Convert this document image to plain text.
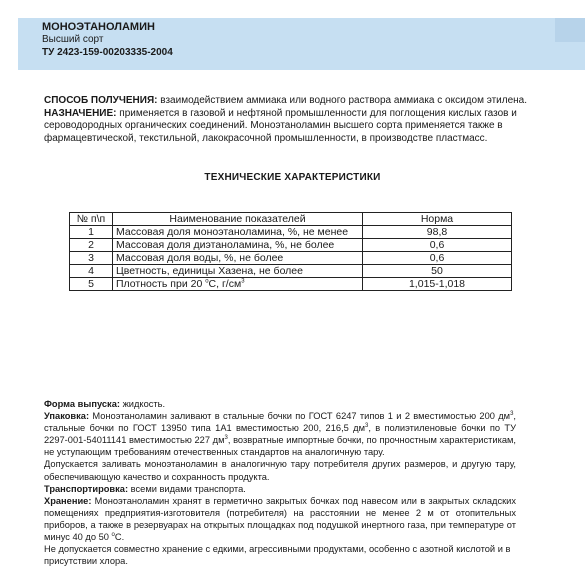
МОНОЭТАНОЛАМИН
Высший сорт
ТУ 2423-159-00203335-2004
СПОСОБ ПОЛУЧЕНИЯ: взаимодействием аммиака или водного раствора аммиака с оксидом этилена.
НАЗНАЧЕНИЕ: применяется в газовой и нефтяной промышленности для поглощения кислых газов и сероводородных органических соединений. Моноэтаноламин высшего сорта применяется также в фармацевтической, текстильной, лакокрасочной промышленности, в производстве пластмасс.
ТЕХНИЧЕСКИЕ ХАРАКТЕРИСТИКИ
№ п\п	Наименование показателей	Норма
1	Массовая доля моноэтаноламина, %, не менее	98,8
2	Массовая доля диэтаноламина, %, не более	0,6
3	Массовая доля воды, %, не более	0,6
4	Цветность, единицы Хазена, не более	50
5	Плотность при 20 $^о$С, $г/см^3$	1,015-1,018

Форма выпуска: жидкость.

Упаковка: Моноэтаноламин заливают в стальные бочки по ГОСТ 6247 типов 1 и 2 вместимостью 200 $дм^3$, стальные бочки по ГОСТ 13950 типа 1А1 вместимостью 200, 216,5 $дм^3$, в полиэтиленовые бочки по ТУ 2297-001-54011141 вместимостью 227 $дм^3$, возвратные импортные бочки, по прочностным характеристикам, не уступающим требованиям отечественных стандартов на аналогичную тару.

Допускается заливать моноэтаноламин в аналогичную тару потребителя других размеров, и другую тару, обеспечивающую качество и сохранность продукта.

Транспортировка: всеми видами транспорта.

Хранение: Моноэтаноламин хранят в герметично закрытых бочках под навесом или в закрытых складских помещениях предприятия-изготовителя (потребителя) на расстоянии не менее 2 м от отопительных приборов, а также в резервуарах на открытых площадках под подушкой инертного газа, при температуре от минус 40 до 50 $^о$С.

Не допускается совместно хранение с едкими, агрессивными продуктами, особенно с азотной кислотой и в присутствии хлора.
